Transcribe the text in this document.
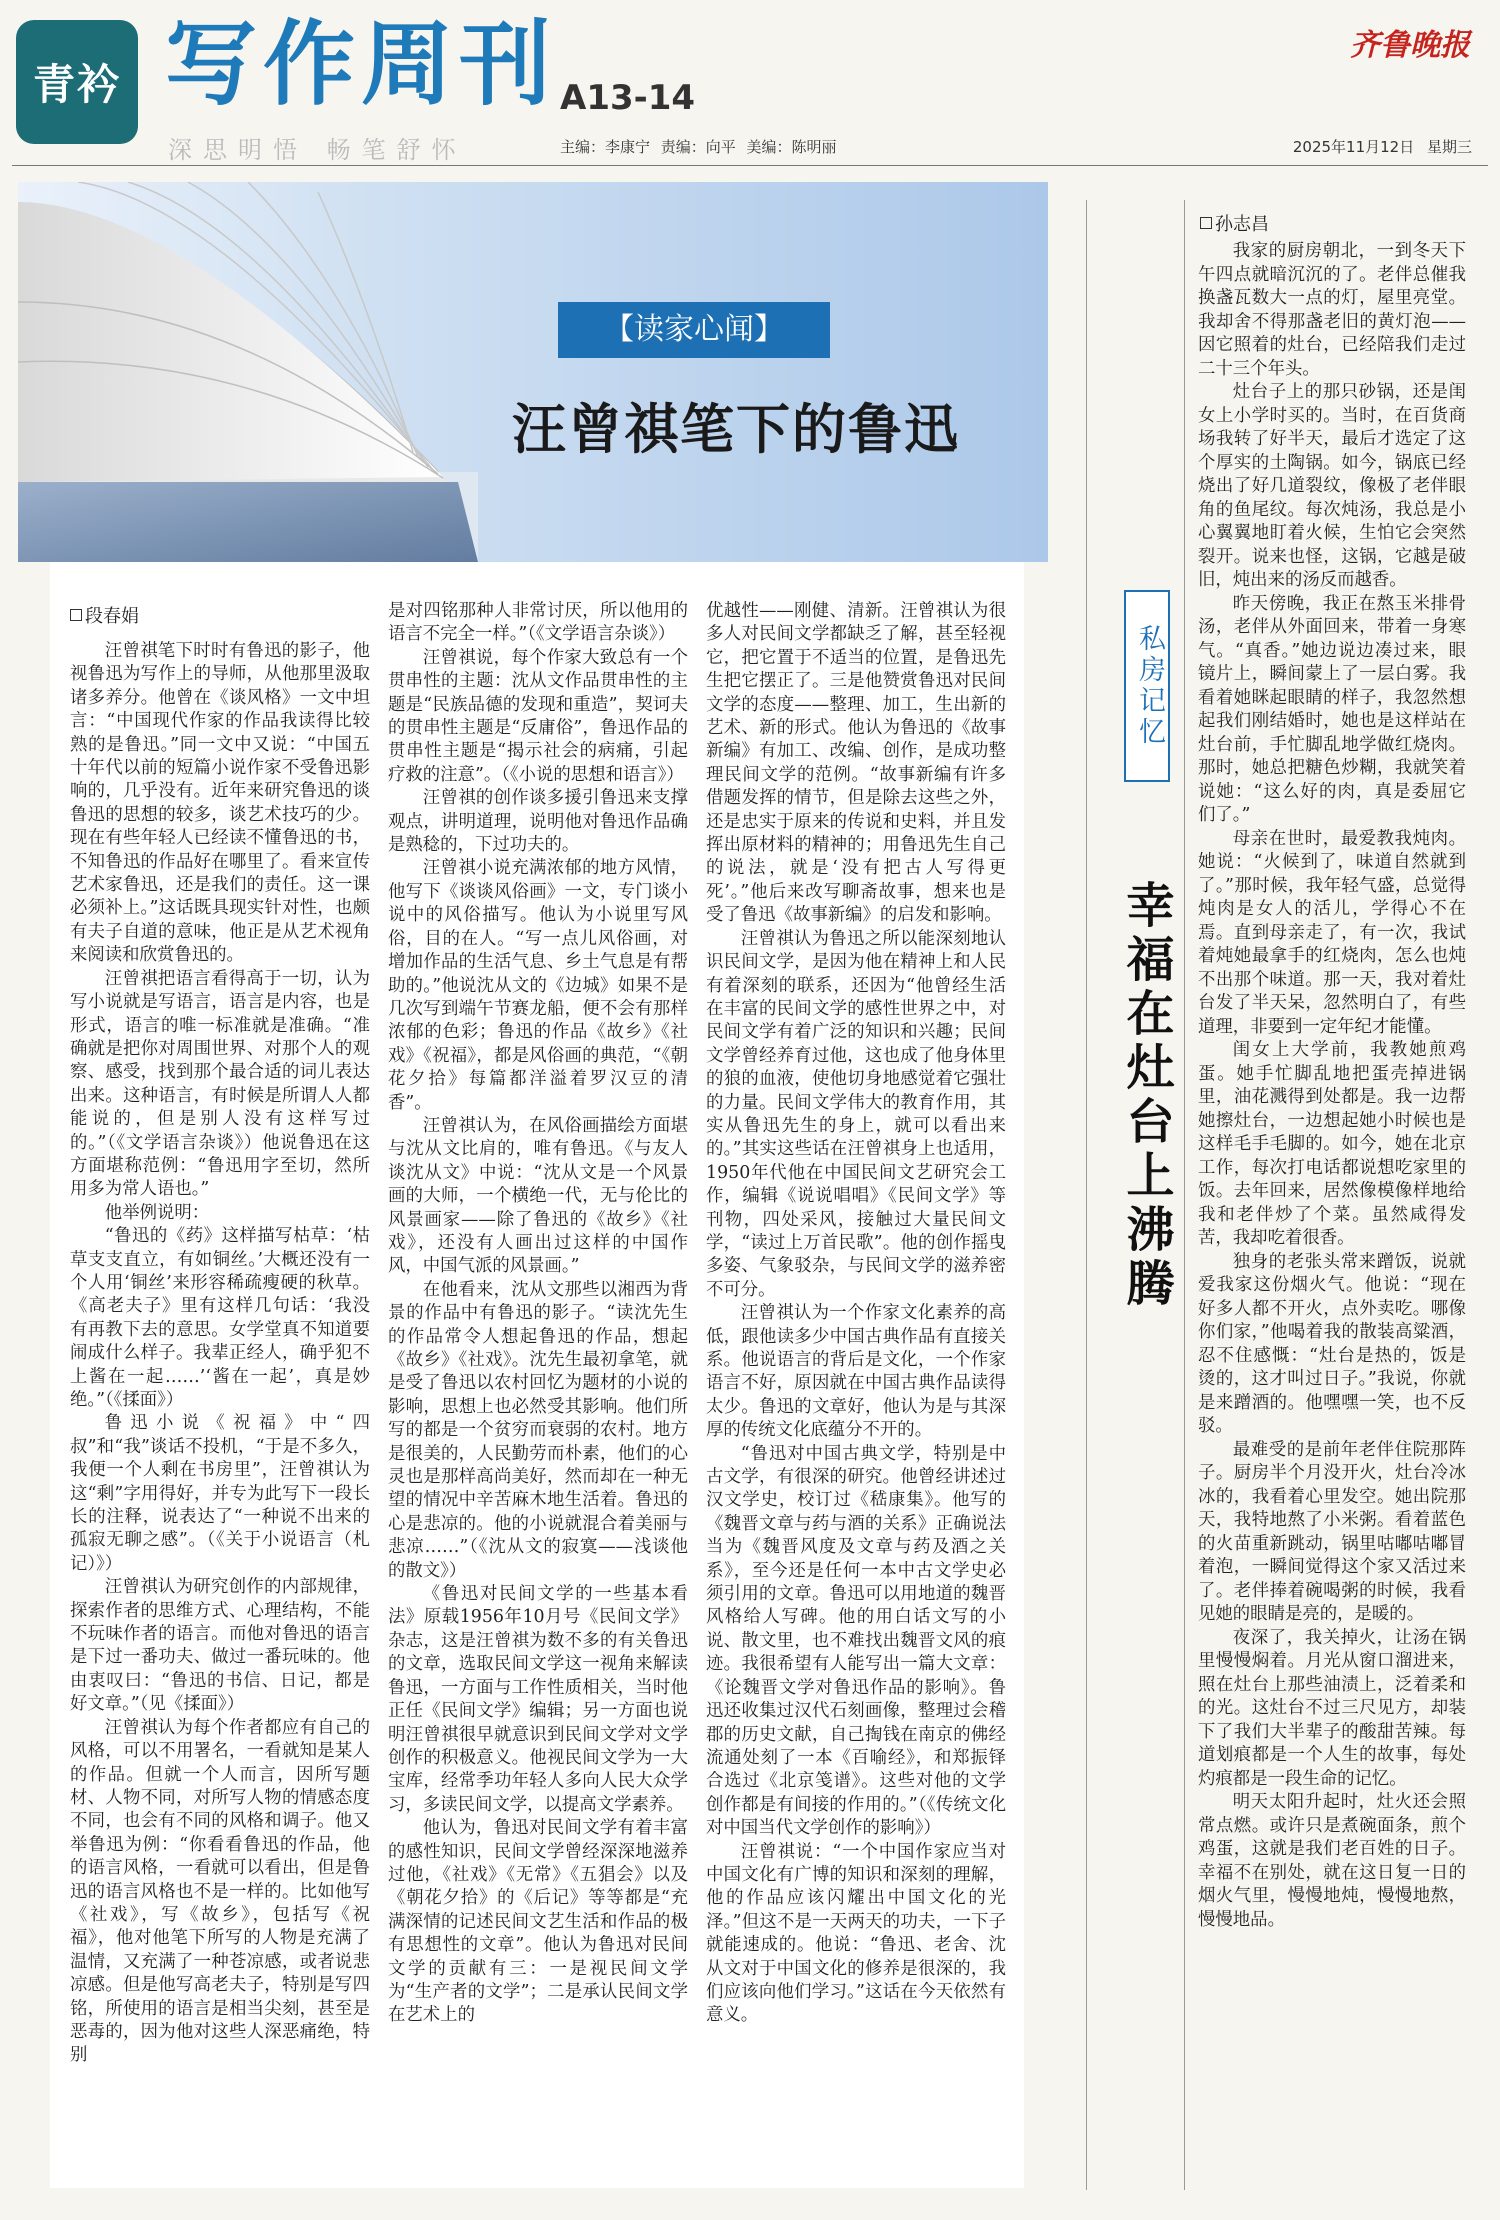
青衿 写作周刊 A13-14
深思明悟 畅笔舒怀	主编：李康宁 责编：向平 美编：陈明丽
齐鲁晚报
2025年11月12日 星期三
【读家心闻】
汪曾祺笔下的鲁迅
段春娟

汪曾祺笔下时时有鲁迅的影子，他视鲁迅为写作上的导师，从他那里汲取诸多养分。他曾在《谈风格》一文中坦言：“中国现代作家的作品我读得比较熟的是鲁迅。”同一文中又说：“中国五十年代以前的短篇小说作家不受鲁迅影响的，几乎没有。近年来研究鲁迅的谈鲁迅的思想的较多，谈艺术技巧的少。现在有些年轻人已经读不懂鲁迅的书，不知鲁迅的作品好在哪里了。看来宣传艺术家鲁迅，还是我们的责任。这一课必须补上。”这话既具现实针对性，也颇有夫子自道的意味，他正是从艺术视角来阅读和欣赏鲁迅的。

汪曾祺把语言看得高于一切，认为写小说就是写语言，语言是内容，也是形式，语言的唯一标准就是准确。“准确就是把你对周围世界、对那个人的观察、感受，找到那个最合适的词儿表达出来。这种语言，有时候是所谓人人都能说的，但是别人没有这样写过的。”（《文学语言杂谈》）他说鲁迅在这方面堪称范例：“鲁迅用字至切，然所用多为常人语也。”

他举例说明：

“鲁迅的《药》这样描写枯草：‘枯草支支直立，有如铜丝。’大概还没有一个人用‘铜丝’来形容稀疏瘦硬的秋草。《高老夫子》里有这样几句话：‘我没有再教下去的意思。女学堂真不知道要闹成什么样子。我辈正经人，确乎犯不上酱在一起……’‘酱在一起’，真是妙绝。”（《揉面》）

鲁迅小说《祝福》中“四叔”和“我”谈话不投机，“于是不多久，我便一个人剩在书房里”，汪曾祺认为这“剩”字用得好，并专为此写下一段长长的注释，说表达了“一种说不出来的孤寂无聊之感”。（《关于小说语言（札记）》）

汪曾祺认为研究创作的内部规律，探索作者的思维方式、心理结构，不能不玩味作者的语言。而他对鲁迅的语言是下过一番功夫、做过一番玩味的。他由衷叹曰：“鲁迅的书信、日记，都是好文章。”（见《揉面》）

汪曾祺认为每个作者都应有自己的风格，可以不用署名，一看就知是某人的作品。但就一个人而言，因所写题材、人物不同，对所写人物的情感态度不同，也会有不同的风格和调子。他又举鲁迅为例：“你看看鲁迅的作品，他的语言风格，一看就可以看出，但是鲁迅的语言风格也不是一样的。比如他写《社戏》，写《故乡》，包括写《祝福》，他对他笔下所写的人物是充满了温情，又充满了一种苍凉感，或者说悲凉感。但是他写高老夫子，特别是写四铭，所使用的语言是相当尖刻，甚至是恶毒的，因为他对这些人深恶痛绝，特别

是对四铭那种人非常讨厌，所以他用的语言不完全一样。”（《文学语言杂谈》）

汪曾祺说，每个作家大致总有一个贯串性的主题：沈从文作品贯串性的主题是“民族品德的发现和重造”，契诃夫的贯串性主题是“反庸俗”，鲁迅作品的贯串性主题是“揭示社会的病痛，引起疗救的注意”。（《小说的思想和语言》）

汪曾祺的创作谈多援引鲁迅来支撑观点，讲明道理，说明他对鲁迅作品确是熟稔的，下过功夫的。

汪曾祺小说充满浓郁的地方风情，他写下《谈谈风俗画》一文，专门谈小说中的风俗描写。他认为小说里写风俗，目的在人。“写一点儿风俗画，对增加作品的生活气息、乡土气息是有帮助的。”他说沈从文的《边城》如果不是几次写到端午节赛龙船，便不会有那样浓郁的色彩；鲁迅的作品《故乡》《社戏》《祝福》，都是风俗画的典范，“《朝花夕拾》每篇都洋溢着罗汉豆的清香”。

汪曾祺认为，在风俗画描绘方面堪与沈从文比肩的，唯有鲁迅。《与友人谈沈从文》中说：“沈从文是一个风景画的大师，一个横绝一代，无与伦比的风景画家——除了鲁迅的《故乡》《社戏》，还没有人画出过这样的中国作风，中国气派的风景画。”

在他看来，沈从文那些以湘西为背景的作品中有鲁迅的影子。“读沈先生的作品常令人想起鲁迅的作品，想起《故乡》《社戏》。沈先生最初拿笔，就是受了鲁迅以农村回忆为题材的小说的影响，思想上也必然受其影响。他们所写的都是一个贫穷而衰弱的农村。地方是很美的，人民勤劳而朴素，他们的心灵也是那样高尚美好，然而却在一种无望的情况中辛苦麻木地生活着。鲁迅的心是悲凉的。他的小说就混合着美丽与悲凉……”（《沈从文的寂寞——浅谈他的散文》）

《鲁迅对民间文学的一些基本看法》原载1956年10月号《民间文学》杂志，这是汪曾祺为数不多的有关鲁迅的文章，选取民间文学这一视角来解读鲁迅，一方面与工作性质相关，当时他正任《民间文学》编辑；另一方面也说明汪曾祺很早就意识到民间文学对文学创作的积极意义。他视民间文学为一大宝库，经常季功年轻人多向人民大众学习，多读民间文学，以提高文学素养。

他认为，鲁迅对民间文学有着丰富的感性知识，民间文学曾经深深地滋养过他，《社戏》《无常》《五猖会》以及《朝花夕拾》的《后记》等等都是“充满深情的记述民间文艺生活和作品的极有思想性的文章”。他认为鲁迅对民间文学的贡献有三：一是视民间文学为“生产者的文学”；二是承认民间文学在艺术上的

优越性——刚健、清新。汪曾祺认为很多人对民间文学都缺乏了解，甚至轻视它，把它置于不适当的位置，是鲁迅先生把它摆正了。三是他赞赏鲁迅对民间文学的态度——整理、加工，生出新的艺术、新的形式。他认为鲁迅的《故事新编》有加工、改编、创作，是成功整理民间文学的范例。“故事新编有许多借题发挥的情节，但是除去这些之外，还是忠实于原来的传说和史料，并且发挥出原材料的精神的；用鲁迅先生自己的说法，就是‘没有把古人写得更死’。”他后来改写聊斋故事，想来也是受了鲁迅《故事新编》的启发和影响。

汪曾祺认为鲁迅之所以能深刻地认识民间文学，是因为他在精神上和人民有着深刻的联系，还因为“他曾经生活在丰富的民间文学的感性世界之中，对民间文学有着广泛的知识和兴趣；民间文学曾经养育过他，这也成了他身体里的狼的血液，使他切身地感觉着它强壮的力量。民间文学伟大的教育作用，其实从鲁迅先生的身上，就可以看出来的。”其实这些话在汪曾祺身上也适用，1950年代他在中国民间文艺研究会工作，编辑《说说唱唱》《民间文学》等刊物，四处采风，接触过大量民间文学，“读过上万首民歌”。他的创作摇曳多姿、气象驳杂，与民间文学的滋养密不可分。

汪曾祺认为一个作家文化素养的高低，跟他读多少中国古典作品有直接关系。他说语言的背后是文化，一个作家语言不好，原因就在中国古典作品读得太少。鲁迅的文章好，他认为是与其深厚的传统文化底蕴分不开的。

“鲁迅对中国古典文学，特别是中古文学，有很深的研究。他曾经讲述过汉文学史，校订过《嵇康集》。他写的《魏晋文章与药与酒的关系》正确说法当为《魏晋风度及文章与药及酒之关系》，至今还是任何一本中古文学史必须引用的文章。鲁迅可以用地道的魏晋风格给人写碑。他的用白话文写的小说、散文里，也不难找出魏晋文风的痕迹。我很希望有人能写出一篇大文章：《论魏晋文学对鲁迅作品的影响》。鲁迅还收集过汉代石刻画像，整理过会稽郡的历史文献，自己掏钱在南京的佛经流通处刻了一本《百喻经》，和郑振铎合选过《北京笺谱》。这些对他的文学创作都是有间接的作用的。”（《传统文化对中国当代文学创作的影响》）

汪曾祺说：“一个中国作家应当对中国文化有广博的知识和深刻的理解，他的作品应该闪耀出中国文化的光泽。”但这不是一天两天的功夫，一下子就能速成的。他说：“鲁迅、老舍、沈从文对于中国文化的修养是很深的，我们应该向他们学习。”这话在今天依然有意义。

私房记忆
幸福在灶台上沸腾
孙志昌

我家的厨房朝北，一到冬天下午四点就暗沉沉的了。老伴总催我换盏瓦数大一点的灯，屋里亮堂。我却舍不得那盏老旧的黄灯泡——因它照着的灶台，已经陪我们走过二十三个年头。

灶台子上的那只砂锅，还是闺女上小学时买的。当时，在百货商场我转了好半天，最后才选定了这个厚实的土陶锅。如今，锅底已经烧出了好几道裂纹，像极了老伴眼角的鱼尾纹。每次炖汤，我总是小心翼翼地盯着火候，生怕它会突然裂开。说来也怪，这锅，它越是破旧，炖出来的汤反而越香。

昨天傍晚，我正在熬玉米排骨汤，老伴从外面回来，带着一身寒气。“真香。”她边说边凑过来，眼镜片上，瞬间蒙上了一层白雾。我看着她眯起眼睛的样子，我忽然想起我们刚结婚时，她也是这样站在灶台前，手忙脚乱地学做红烧肉。那时，她总把糖色炒糊，我就笑着说她：“这么好的肉，真是委屈它们了。”

母亲在世时，最爱教我炖肉。她说：“火候到了，味道自然就到了。”那时候，我年轻气盛，总觉得炖肉是女人的活儿，学得心不在焉。直到母亲走了，有一次，我试着炖她最拿手的红烧肉，怎么也炖不出那个味道。那一天，我对着灶台发了半天呆，忽然明白了，有些道理，非要到一定年纪才能懂。

闺女上大学前，我教她煎鸡蛋。她手忙脚乱地把蛋壳掉进锅里，油花溅得到处都是。我一边帮她擦灶台，一边想起她小时候也是这样毛手毛脚的。如今，她在北京工作，每次打电话都说想吃家里的饭。去年回来，居然像模像样地给我和老伴炒了个菜。虽然咸得发苦，我却吃着很香。

独身的老张头常来蹭饭，说就爱我家这份烟火气。他说：“现在好多人都不开火，点外卖吃。哪像你们家，”他喝着我的散装高粱酒，忍不住感慨：“灶台是热的，饭是烫的，这才叫过日子。”我说，你就是来蹭酒的。他嘿嘿一笑，也不反驳。

最难受的是前年老伴住院那阵子。厨房半个月没开火，灶台冷冰冰的，我看着心里发空。她出院那天，我特地熬了小米粥。看着蓝色的火苗重新跳动，锅里咕嘟咕嘟冒着泡，一瞬间觉得这个家又活过来了。老伴捧着碗喝粥的时候，我看见她的眼睛是亮的，是暖的。

夜深了，我关掉火，让汤在锅里慢慢焖着。月光从窗口溜进来，照在灶台上那些油渍上，泛着柔和的光。这灶台不过三尺见方，却装下了我们大半辈子的酸甜苦辣。每道划痕都是一个人生的故事，每处灼痕都是一段生命的记忆。

明天太阳升起时，灶火还会照常点燃。或许只是煮碗面条，煎个鸡蛋，这就是我们老百姓的日子。幸福不在别处，就在这日复一日的烟火气里，慢慢地炖，慢慢地熬，慢慢地品。
